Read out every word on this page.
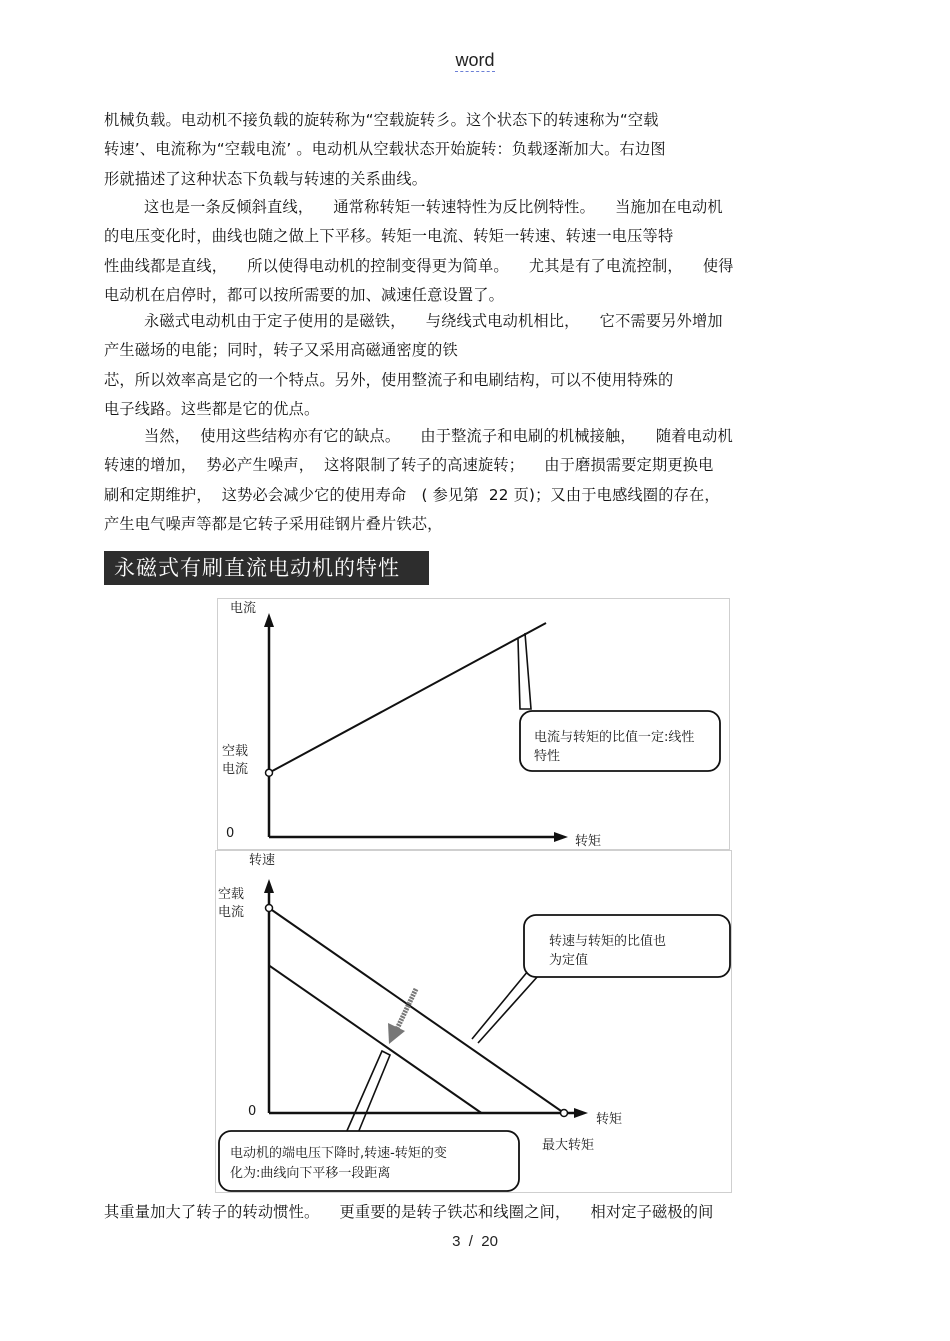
word
机械负载。电动机不接负载的旋转称为“空载旋转彡。这个状态下的转速称为“空载
转速’、电流称为“空载电流’ 。电动机从空载状态开始旋转：负载逐渐加大。右边图
形就描述了这种状态下负载与转速的关系曲线。
这也是一条反倾斜直线，    通常称转矩一转速特性为反比例特性。    当施加在电动机
的电压变化时，曲线也随之做上下平移。转矩一电流、转矩一转速、转速一电压等特
性曲线都是直线，    所以使得电动机的控制变得更为简单。    尤其是有了电流控制，    使得
电动机在启停时，都可以按所需要的加、减速任意设置了。
永磁式电动机由于定子使用的是磁铁，    与绕线式电动机相比，    它不需要另外增加
产生磁场的电能；同时，转子又采用高磁通密度的铁
芯，所以效率高是它的一个特点。另外，使用整流子和电刷结构，可以不使用特殊的
电子线路。这些都是它的优点。
当然，  使用这些结构亦有它的缺点。    由于整流子和电刷的机械接触，    随着电动机
转速的增加，  势必产生噪声，  这将限制了转子的高速旋转；    由于磨损需要定期更换电
刷和定期维护，  这势必会减少它的使用寿命   ( 参见第  22 页)；又由于电感线圈的存在，
产生电气噪声等都是它转子采用硅钢片叠片铁芯，
永磁式有刷直流电动机的特性
电流
0
转矩
空载电流
电流与转矩的比值一定:线性
特性
转速
0
转矩
最大转矩
空载电流
转速与转矩的比值也
为定值
电动机的端电压下降时,转速-转矩的变
化为:曲线向下平移一段距离
其重量加大了转子的转动惯性。    更重要的是转子铁芯和线圈之间，    相对定子磁极的间
3  /  20
